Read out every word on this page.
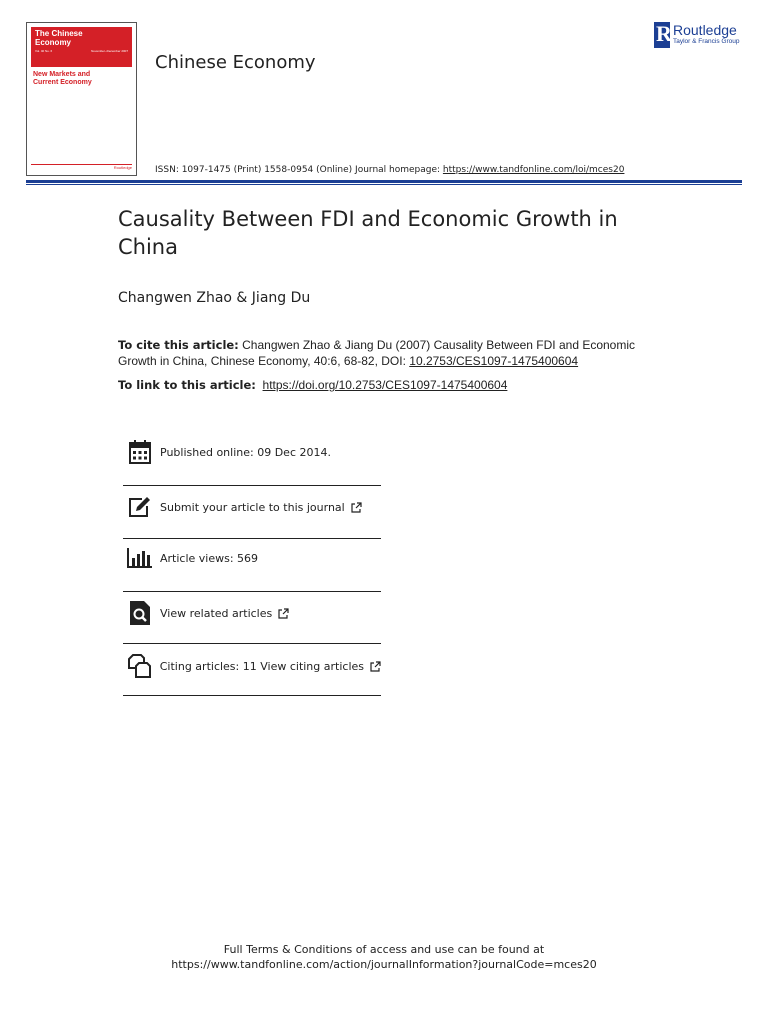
The Chinese
Economy
Vol. 40 No. 6	November–December 2007
New Markets and
Current Economy
Routledge
Chinese Economy
ISSN: 1097-1475 (Print) 1558-0954 (Online) Journal homepage: https://www.tandfonline.com/loi/mces20
R
Routledge
Taylor & Francis Group
Causality Between FDI and Economic Growth in China
Changwen Zhao & Jiang Du
To cite this article: Changwen Zhao & Jiang Du (2007) Causality Between FDI and Economic Growth in China, Chinese Economy, 40:6, 68-82, DOI: 10.2753/CES1097-1475400604
To link to this article: https://doi.org/10.2753/CES1097-1475400604
Published online: 09 Dec 2014.
Submit your article to this journal
Article views: 569
View related articles
Citing articles: 11 View citing articles
Full Terms & Conditions of access and use can be found at
https://www.tandfonline.com/action/journalInformation?journalCode=mces20
